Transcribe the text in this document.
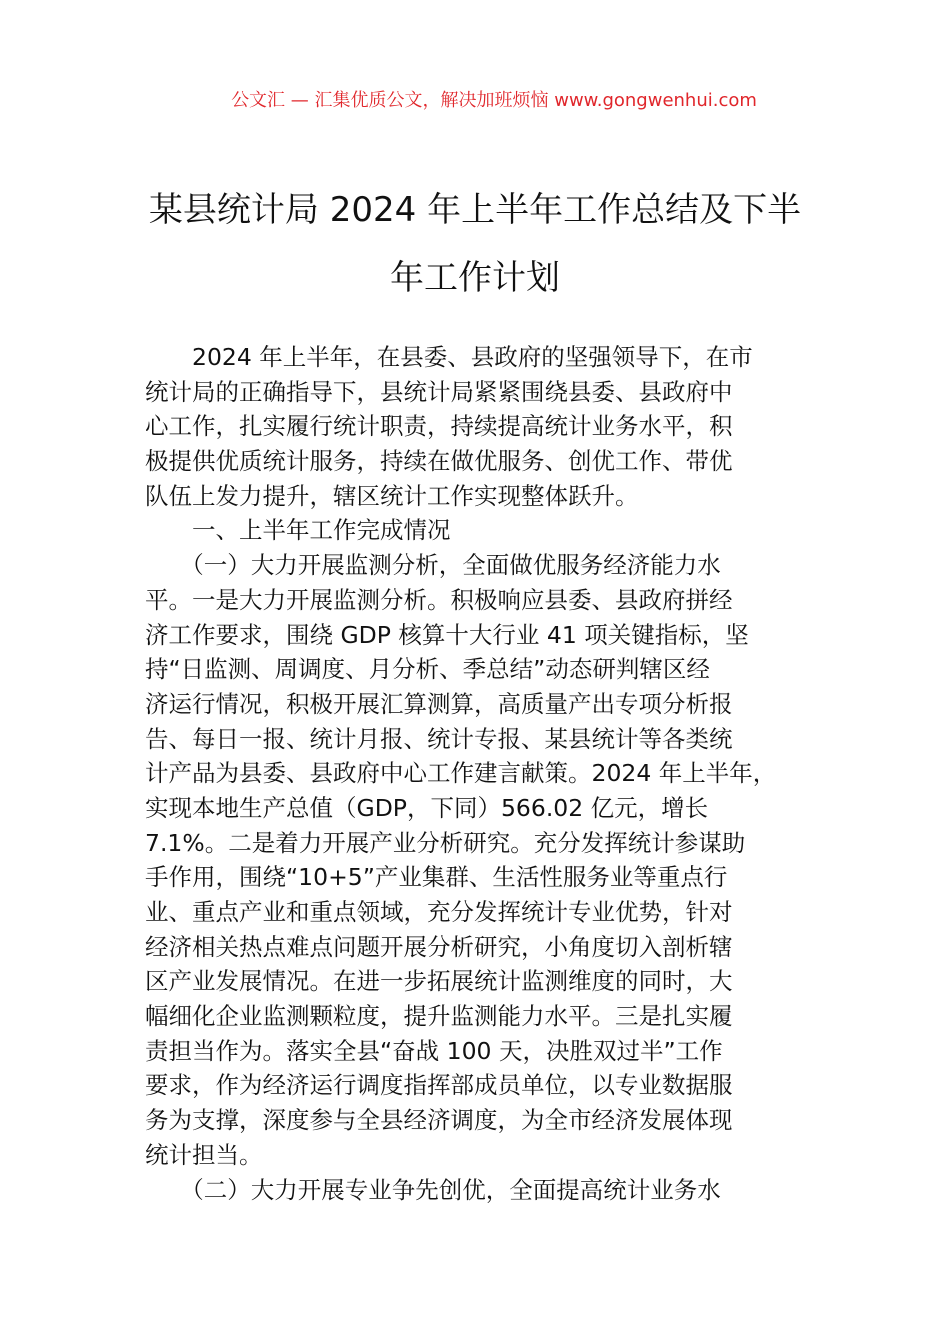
公文汇 — 汇集优质公文，解决加班烦恼 www.gongwenhui.com
某县统计局 2024 年上半年工作总结及下半
年工作计划
　　2024 年上半年，在县委、县政府的坚强领导下，在市
统计局的正确指导下，县统计局紧紧围绕县委、县政府中
心工作，扎实履行统计职责，持续提高统计业务水平，积
极提供优质统计服务，持续在做优服务、创优工作、带优
队伍上发力提升，辖区统计工作实现整体跃升。
　　一、上半年工作完成情况
　　（一）大力开展监测分析，全面做优服务经济能力水
平。一是大力开展监测分析。积极响应县委、县政府拼经
济工作要求，围绕 GDP 核算十大行业 41 项关键指标，坚
持“日监测、周调度、月分析、季总结”动态研判辖区经
济运行情况，积极开展汇算测算，高质量产出专项分析报
告、每日一报、统计月报、统计专报、某县统计等各类统
计产品为县委、县政府中心工作建言献策。2024 年上半年，
实现本地生产总值（GDP，下同）566.02 亿元，增长
7.1%。二是着力开展产业分析研究。充分发挥统计参谋助
手作用，围绕“10+5”产业集群、生活性服务业等重点行
业、重点产业和重点领域，充分发挥统计专业优势，针对
经济相关热点难点问题开展分析研究，小角度切入剖析辖
区产业发展情况。在进一步拓展统计监测维度的同时，大
幅细化企业监测颗粒度，提升监测能力水平。三是扎实履
责担当作为。落实全县“奋战 100 天，决胜双过半”工作
要求，作为经济运行调度指挥部成员单位，以专业数据服
务为支撑，深度参与全县经济调度，为全市经济发展体现
统计担当。
　　（二）大力开展专业争先创优，全面提高统计业务水
